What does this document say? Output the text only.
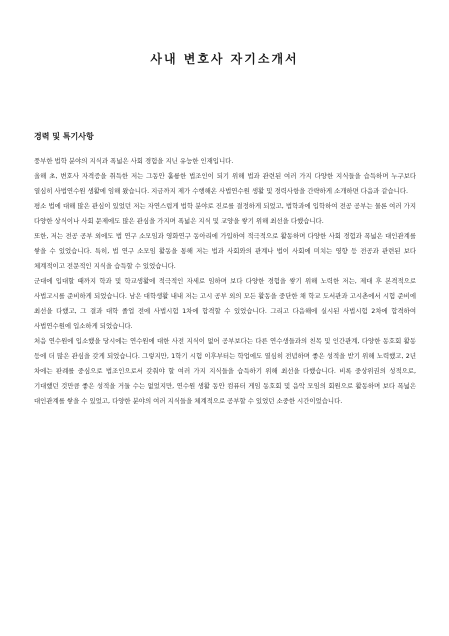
사내 변호사 자기소개서
경력 및 특기사항

풍부한 법학 분야의 지식과 폭넓은 사회 경험을 지닌 유능한 인재입니다.

올해 초, 변호사 자격증을 취득한 저는 그동안 훌륭한 법조인이 되기 위해 법과 관련된 여러 가지 다양한 지식들을 습득하며 누구보다 열심히 사법연수원 생활에 임해 왔습니다. 지금까지 제가 수행해온 사법연수원 생활 및 경력사항을 간략하게 소개하면 다음과 같습니다.

평소 법에 대해 많은 관심이 있었던 저는 자연스럽게 법학 분야로 진로를 결정하게 되었고, 법학과에 입학하여 전공 공부는 물론 여러 가지 다양한 상식이나 사회 문제에도 많은 관심을 가지며 폭넓은 지식 및 교양을 쌓기 위해 최선을 다했습니다.

또한, 저는 전공 공부 외에도 법 연구 소모임과 영화연구 동아리에 가입하여 적극적으로 활동하며 다양한 사회 경험과 폭넓은 대인관계를 쌓을 수 있었습니다. 특히, 법 연구 소모임 활동을 통해 저는 법과 사회와의 관계나 법이 사회에 미치는 영향 등 전공과 관련된 보다 체계적이고 전문적인 지식을 습득할 수 있었습니다.

군대에 입대할 때까지 학과 및 학교생활에 적극적인 자세로 임하며 보다 다양한 경험을 쌓기 위해 노력한 저는, 제대 후 본격적으로 사법고시를 준비하게 되었습니다. 남은 대학생활 내내 저는 고시 공부 외의 모든 활동을 중단한 채 학교 도서관과 고시촌에서 시험 준비에 최선을 다했고, 그 결과 대학 졸업 전에 사법시험 1차에 합격할 수 있었습니다. 그리고 다음해에 실시된 사법시험 2차에 합격하여 사법연수원에 입소하게 되었습니다.

처음 연수원에 입소했을 당시에는 연수원에 대한 사전 지식이 없어 공부보다는 다른 연수생들과의 친목 및 인간관계, 다양한 동호회 활동 등에 더 많은 관심을 갖게 되었습니다. 그렇지만, 1학기 시험 이후부터는 학업에도 열심히 전념하며 좋은 성적을 받기 위해 노력했고, 2년 차에는 판례를 중심으로 법조인으로서 갖춰야 할 여러 가지 지식들을 습득하기 위해 최선을 다했습니다. 비록 중상위권의 성적으로, 기대했던 것만큼 좋은 성적을 거둘 수는 없었지만, 연수원 생활 동안 컴퓨터 게임 동호회 및 음악 모임의 회원으로 활동하며 보다 폭넓은 대인관계를 쌓을 수 있었고, 다양한 분야의 여러 지식들을 체계적으로 공부할 수 있었던 소중한 시간이었습니다.
